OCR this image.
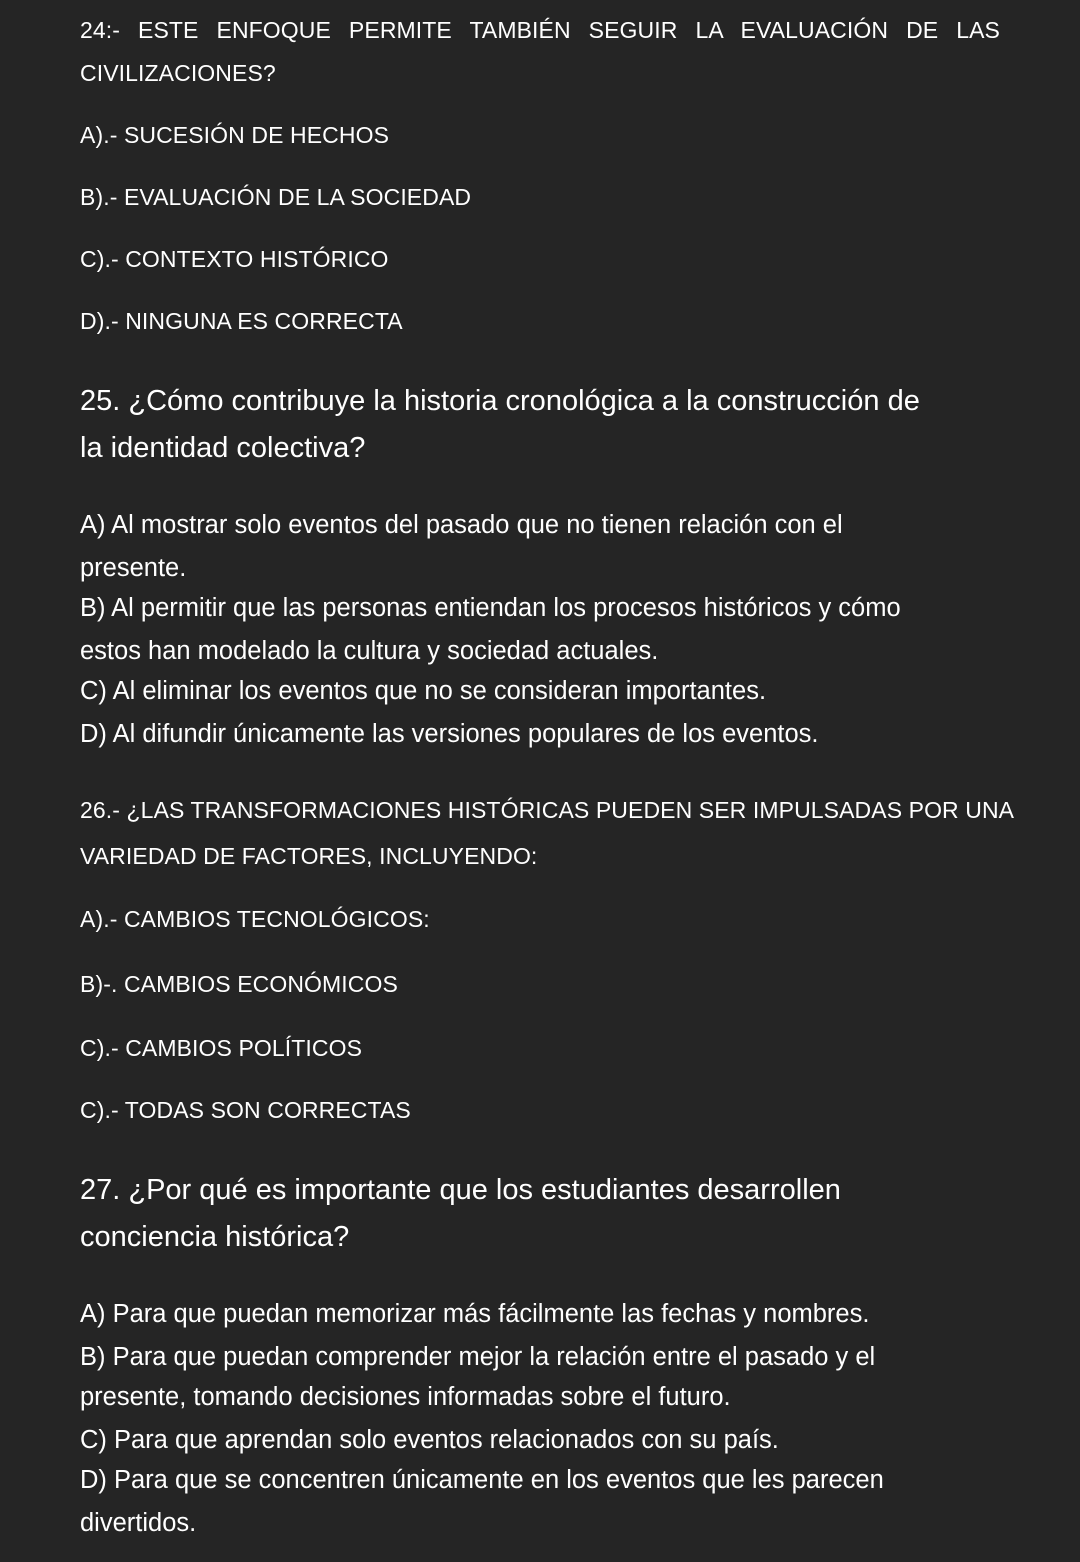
24:- ESTE ENFOQUE PERMITE TAMBIÉN SEGUIR LA EVALUACIÓN DE LAS
CIVILIZACIONES?
A).- SUCESIÓN DE HECHOS
B).- EVALUACIÓN DE LA SOCIEDAD
C).- CONTEXTO HISTÓRICO
D).- NINGUNA ES CORRECTA
25. ¿Cómo contribuye la historia cronológica a la construcción de
la identidad colectiva?
A) Al mostrar solo eventos del pasado que no tienen relación con el
presente.
B) Al permitir que las personas entiendan los procesos históricos y cómo
estos han modelado la cultura y sociedad actuales.
C) Al eliminar los eventos que no se consideran importantes.
D) Al difundir únicamente las versiones populares de los eventos.
26.- ¿LAS TRANSFORMACIONES HISTÓRICAS PUEDEN SER IMPULSADAS POR UNA
VARIEDAD DE FACTORES, INCLUYENDO:
A).- CAMBIOS TECNOLÓGICOS:
B)-. CAMBIOS ECONÓMICOS
C).- CAMBIOS POLÍTICOS
C).- TODAS SON CORRECTAS
27. ¿Por qué es importante que los estudiantes desarrollen
conciencia histórica?
A) Para que puedan memorizar más fácilmente las fechas y nombres.
B) Para que puedan comprender mejor la relación entre el pasado y el
presente, tomando decisiones informadas sobre el futuro.
C) Para que aprendan solo eventos relacionados con su país.
D) Para que se concentren únicamente en los eventos que les parecen
divertidos.
